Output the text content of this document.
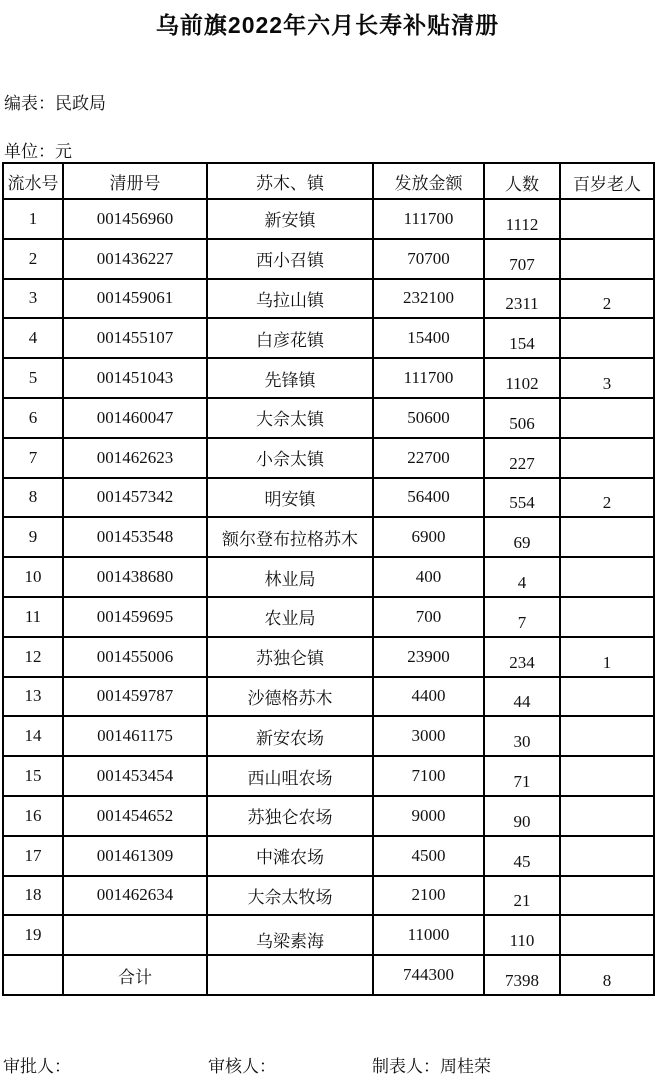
乌前旗2022年六月长寿补贴清册
编表：民政局
单位：元
流水号	清册号	苏木、镇	发放金额	人数	百岁老人
1	001456960	新安镇	111700	1112	
2	001436227	西小召镇	70700	707	
3	001459061	乌拉山镇	232100	2311	2
4	001455107	白彦花镇	15400	154	
5	001451043	先锋镇	111700	1102	3
6	001460047	大佘太镇	50600	506	
7	001462623	小佘太镇	22700	227	
8	001457342	明安镇	56400	554	2
9	001453548	额尔登布拉格苏木	6900	69	
10	001438680	林业局	400	4	
11	001459695	农业局	700	7	
12	001455006	苏独仑镇	23900	234	1
13	001459787	沙德格苏木	4400	44	
14	001461175	新安农场	3000	30	
15	001453454	西山咀农场	7100	71	
16	001454652	苏独仑农场	9000	90	
17	001461309	中滩农场	4500	45	
18	001462634	大佘太牧场	2100	21	
19		乌梁素海	11000	110	
	合计		744300	7398	8
审批人：	审核人：	制表人：周桂荣
